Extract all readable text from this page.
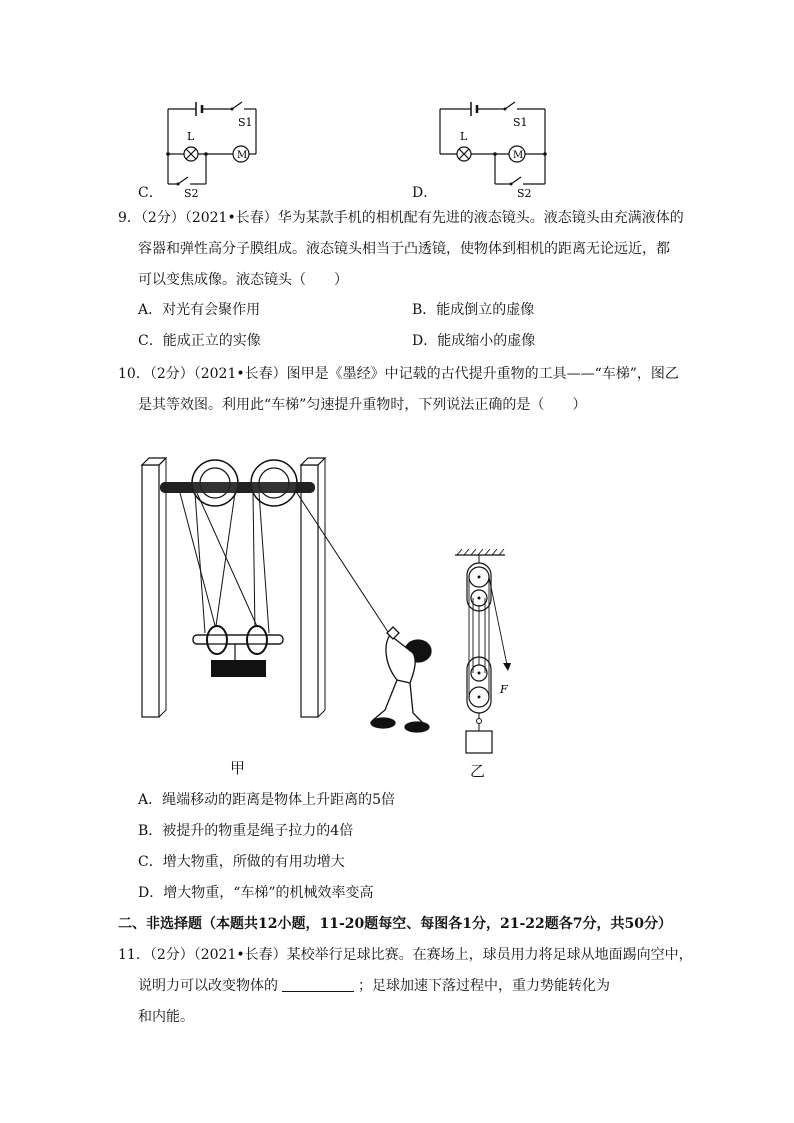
M
L
S1
S2
C．
M
L
S1
S2
D．
9．（2分）（2021•长春）华为某款手机的相机配有先进的液态镜头。液态镜头由充满液体的
容器和弹性高分子膜组成。液态镜头相当于凸透镜，使物体到相机的距离无论远近，都
可以变焦成像。液态镜头（　　）
A．对光有会聚作用	B．能成倒立的虚像
C．能成正立的实像	D．能成缩小的虚像
10．（2分）（2021•长春）图甲是《墨经》中记载的古代提升重物的工具——“车梯”，图乙
是其等效图。利用此“车梯”匀速提升重物时，下列说法正确的是（　　）
甲
F
乙
A．绳端移动的距离是物体上升距离的5倍
B．被提升的物重是绳子拉力的4倍
C．增大物重，所做的有用功增大
D．增大物重，“车梯”的机械效率变高
二、非选择题（本题共12小题，11-20题每空、每图各1分，21-22题各7分，共50分）
11．（2分）（2021•长春）某校举行足球比赛。在赛场上，球员用力将足球从地面踢向空中，
说明力可以改变物体的	；足球加速下落过程中，重力势能转化为
和内能。
